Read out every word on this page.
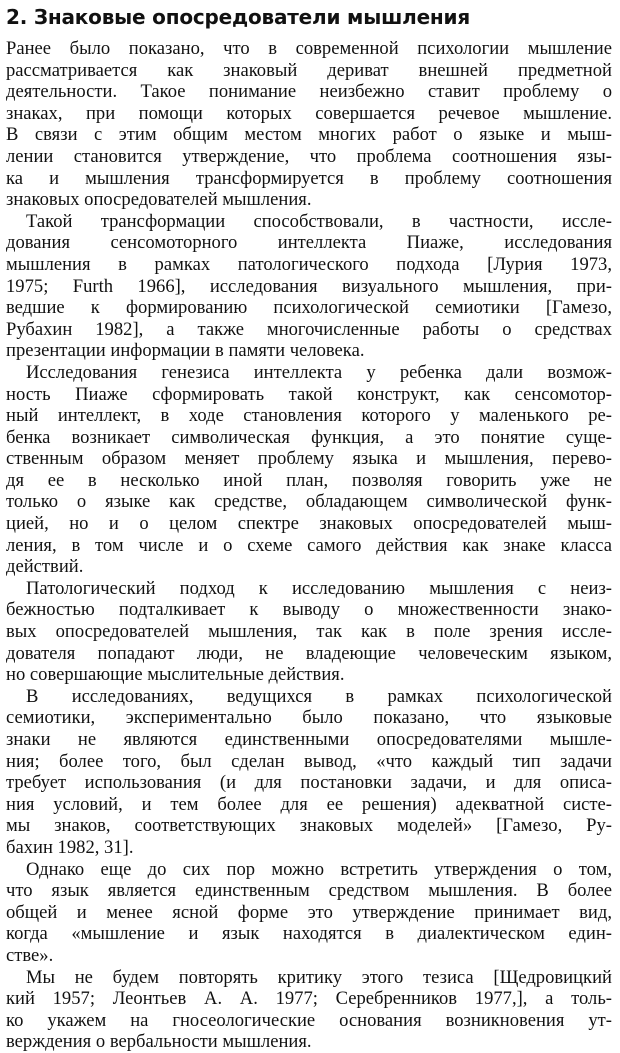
2. Знаковые опосредователи мышления

Ранее было показано, что в современной психологии мышление
рассматривается как знаковый дериват внешней предметной
деятельности. Такое понимание неизбежно ставит проблему о
знаках, при помощи которых совершается речевое мышление.
В связи с этим общим местом многих работ о языке и мыш-
лении становится утверждение, что проблема соотношения язы-
ка и мышления трансформируется в проблему соотношения
знаковых опосредователей мышления.

Такой трансформации способствовали, в частности, иссле-
дования сенсомоторного интеллекта Пиаже, исследования
мышления в рамках патологического подхода [Лурия 1973,
1975; Furth 1966], исследования визуального мышления, при-
ведшие к формированию психологической семиотики [Гамезо,
Рубахин 1982], а также многочисленные работы о средствах
презентации информации в памяти человека.

Исследования генезиса интеллекта у ребенка дали возмож-
ность Пиаже сформировать такой конструкт, как сенсомотор-
ный интеллект, в ходе становления которого у маленького ре-
бенка возникает символическая функция, а это понятие суще-
ственным образом меняет проблему языка и мышления, перево-
дя ее в несколько иной план, позволяя говорить уже не
только о языке как средстве, обладающем символической функ-
цией, но и о целом спектре знаковых опосредователей мыш-
ления, в том числе и о схеме самого действия как знаке класса
действий.

Патологический подход к исследованию мышления с неиз-
бежностью подталкивает к выводу о множественности знако-
вых опосредователей мышления, так как в поле зрения иссле-
дователя попадают люди, не владеющие человеческим языком,
но совершающие мыслительные действия.

В исследованиях, ведущихся в рамках психологической
семиотики, экспериментально было показано, что языковые
знаки не являются единственными опосредователями мышле-
ния; более того, был сделан вывод, «что каждый тип задачи
требует использования (и для постановки задачи, и для описа-
ния условий, и тем более для ее решения) адекватной систе-
мы знаков, соответствующих знаковых моделей» [Гамезо, Ру-
бахин 1982, 31].

Однако еще до сих пор можно встретить утверждения о том,
что язык является единственным средством мышления. В более
общей и менее ясной форме это утверждение принимает вид,
когда «мышление и язык находятся в диалектическом един-
стве».

Мы не будем повторять критику этого тезиса [Щедровицкий
кий 1957; Леонтьев А. А. 1977; Серебренников 1977,], а толь-
ко укажем на гносеологические основания возникновения ут-
верждения о вербальности мышления.
